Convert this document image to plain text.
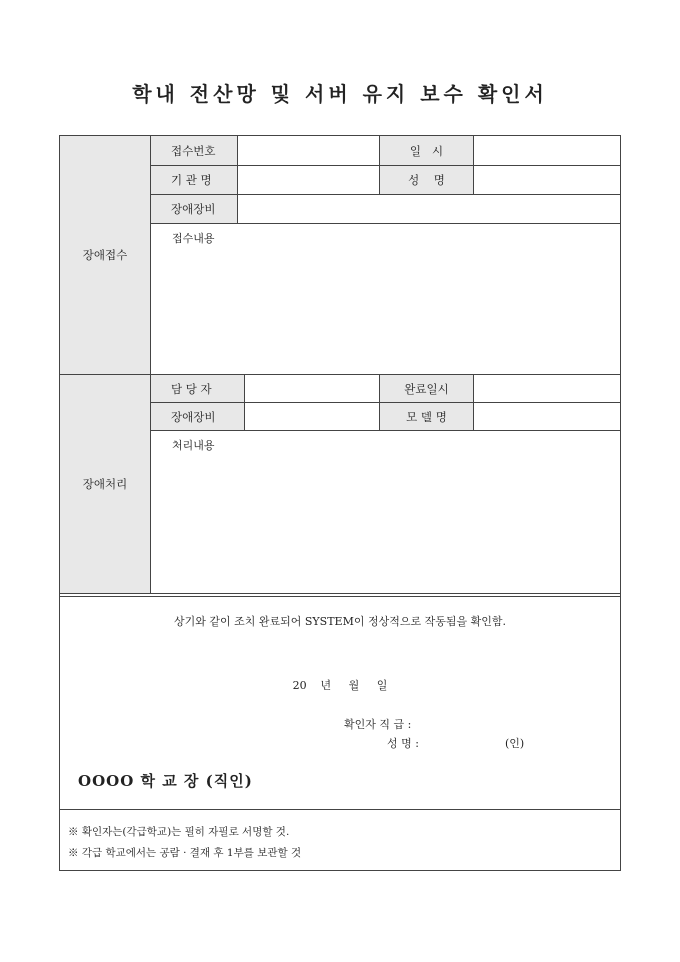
학내 전산망 및 서버 유지 보수 확인서
장애접수
접수번호	일   시
기 관 명	성    명
장애장비
접수내용
장애처리
담 당 자	완료일시
장애장비	모 델 명
처리내용
상기와 같이 조치 완료되어 SYSTEM이 정상적으로 작동됨을 확인함.
20    년     월     일
확인자 직 급 :
성 명 :	(인)
OOOO 학 교 장 (직인)
※ 확인자는(각급학교)는 필히 자필로 서명할 것.
※ 각급 학교에서는 공람 · 결재 후 1부를 보관할 것
